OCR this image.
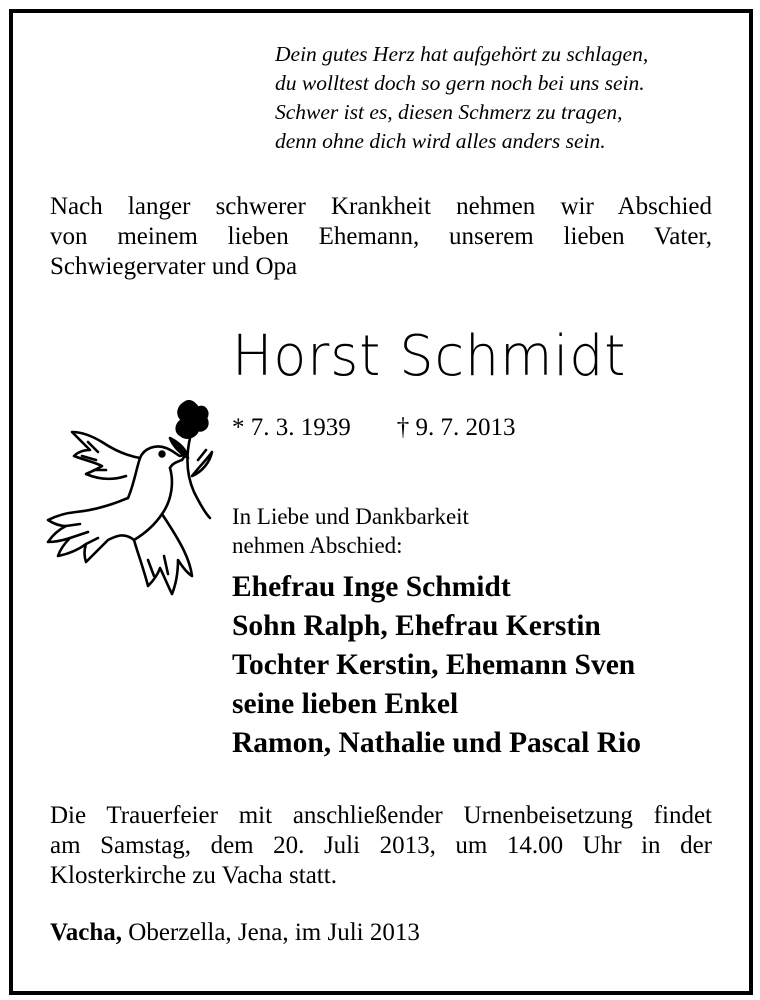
Dein gutes Herz hat aufgehört zu schlagen,
du wolltest doch so gern noch bei uns sein.
Schwer ist es, diesen Schmerz zu tragen,
denn ohne dich wird alles anders sein.
Nach langer schwerer Krankheit nehmen wir Abschied
von meinem lieben Ehemann, unserem lieben Vater,
Schwiegervater und Opa
Horst Schmidt
* 7. 3. 1939 † 9. 7. 2013
In Liebe und Dankbarkeit
nehmen Abschied:
Ehefrau Inge Schmidt
Sohn Ralph, Ehefrau Kerstin
Tochter Kerstin, Ehemann Sven
seine lieben Enkel
Ramon, Nathalie und Pascal Rio
Die Trauerfeier mit anschließender Urnenbeisetzung findet
am Samstag, dem 20. Juli 2013, um 14.00 Uhr in der
Klosterkirche zu Vacha statt.
Vacha, Oberzella, Jena, im Juli 2013
